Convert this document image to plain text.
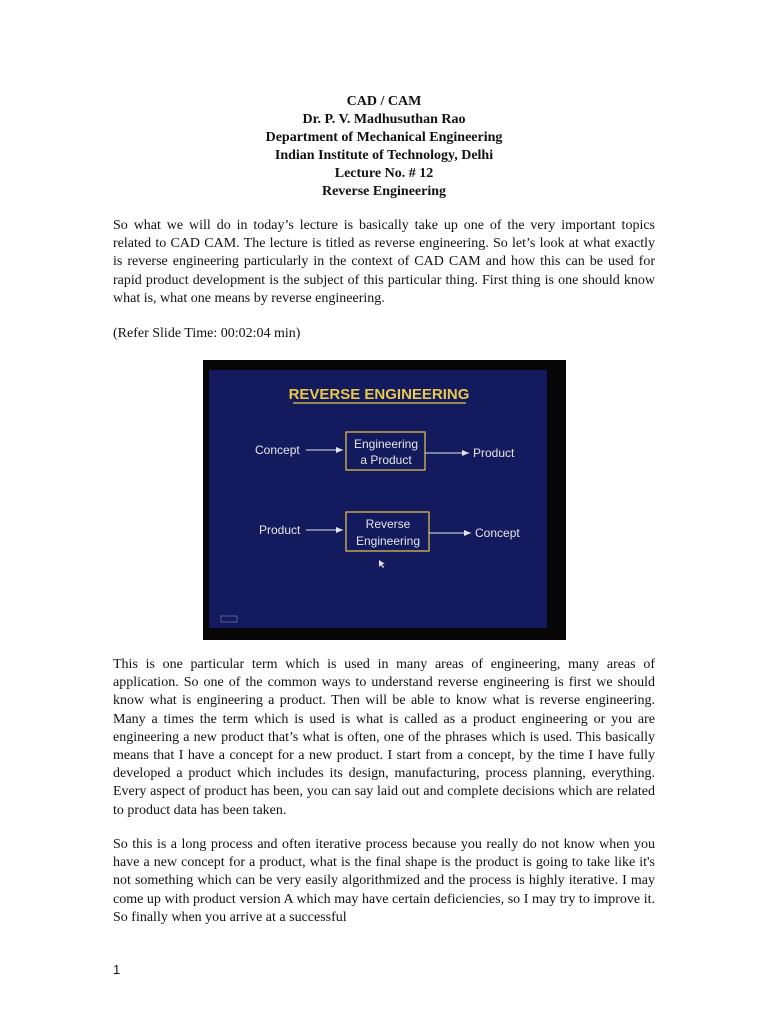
CAD / CAM
Dr. P. V. Madhusuthan Rao
Department of Mechanical Engineering
Indian Institute of Technology, Delhi
Lecture No. # 12
Reverse Engineering

So what we will do in today’s lecture is basically take up one of the very important topics related to CAD CAM. The lecture is titled as reverse engineering. So let’s look at what exactly is reverse engineering particularly in the context of CAD CAM and how this can be used for rapid product development is the subject of this particular thing. First thing is one should know what is, what one means by reverse engineering.

(Refer Slide Time: 00:02:04 min)
REVERSE ENGINEERING
Concept	Engineering
a Product	Product
Product	Reverse
Engineering
Concept

This is one particular term which is used in many areas of engineering, many areas of application. So one of the common ways to understand reverse engineering is first we should know what is engineering a product. Then will be able to know what is reverse engineering. Many a times the term which is used is what is called as a product engineering or you are engineering a new product that’s what is often, one of the phrases which is used. This basically means that I have a concept for a new product. I start from a concept, by the time I have fully developed a product which includes its design, manufacturing, process planning, everything. Every aspect of product has been, you can say laid out and complete decisions which are related to product data has been taken.

So this is a long process and often iterative process because you really do not know when you have a new concept for a product, what is the final shape is the product is going to take like it's not something which can be very easily algorithmized and the process is highly iterative. I may come up with product version A which may have certain deficiencies, so I may try to improve it. So finally when you arrive at a successful

1
